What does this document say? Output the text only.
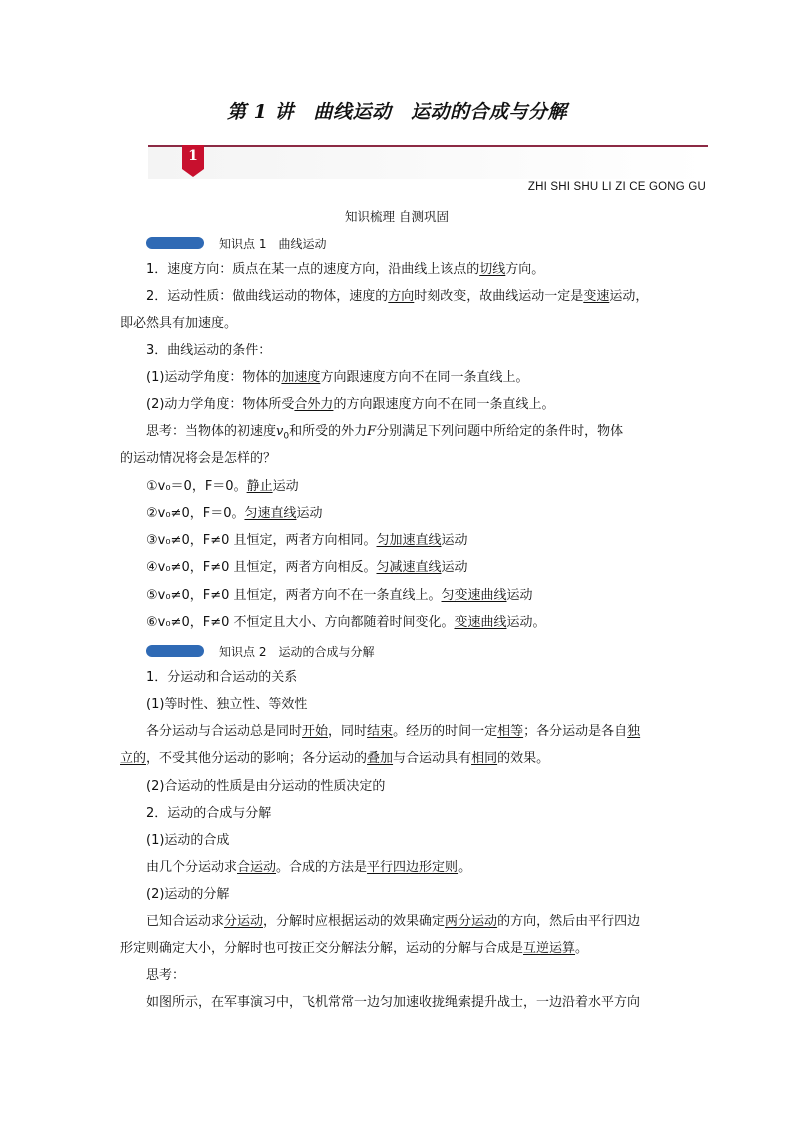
第 1 讲　曲线运动　运动的合成与分解
1
ZHI SHI SHU LI ZI CE GONG GU
知识梳理 自测巩固
知识点 1 曲线运动
1．速度方向：质点在某一点的速度方向，沿曲线上该点的切线方向。
2．运动性质：做曲线运动的物体，速度的方向时刻改变，故曲线运动一定是变速运动，
即必然具有加速度。
3．曲线运动的条件：
(1)运动学角度：物体的加速度方向跟速度方向不在同一条直线上。
(2)动力学角度：物体所受合外力的方向跟速度方向不在同一条直线上。
思考：当物体的初速度$v_0$和所受的外力F分别满足下列问题中所给定的条件时，物体
的运动情况将会是怎样的？
①v₀＝0，F＝0。静止运动
②v₀≠0，F＝0。匀速直线运动
③v₀≠0，F≠0 且恒定，两者方向相同。匀加速直线运动
④v₀≠0，F≠0 且恒定，两者方向相反。匀减速直线运动
⑤v₀≠0，F≠0 且恒定，两者方向不在一条直线上。匀变速曲线运动
⑥v₀≠0，F≠0 不恒定且大小、方向都随着时间变化。变速曲线运动。
知识点 2 运动的合成与分解
1．分运动和合运动的关系
(1)等时性、独立性、等效性
各分运动与合运动总是同时开始，同时结束。经历的时间一定相等；各分运动是各自独
立的，不受其他分运动的影响；各分运动的叠加与合运动具有相同的效果。
(2)合运动的性质是由分运动的性质决定的
2．运动的合成与分解
(1)运动的合成
由几个分运动求合运动。合成的方法是平行四边形定则。
(2)运动的分解
已知合运动求分运动，分解时应根据运动的效果确定两分运动的方向，然后由平行四边
形定则确定大小，分解时也可按正交分解法分解，运动的分解与合成是互逆运算。
思考：
如图所示，在军事演习中，飞机常常一边匀加速收拢绳索提升战士，一边沿着水平方向
